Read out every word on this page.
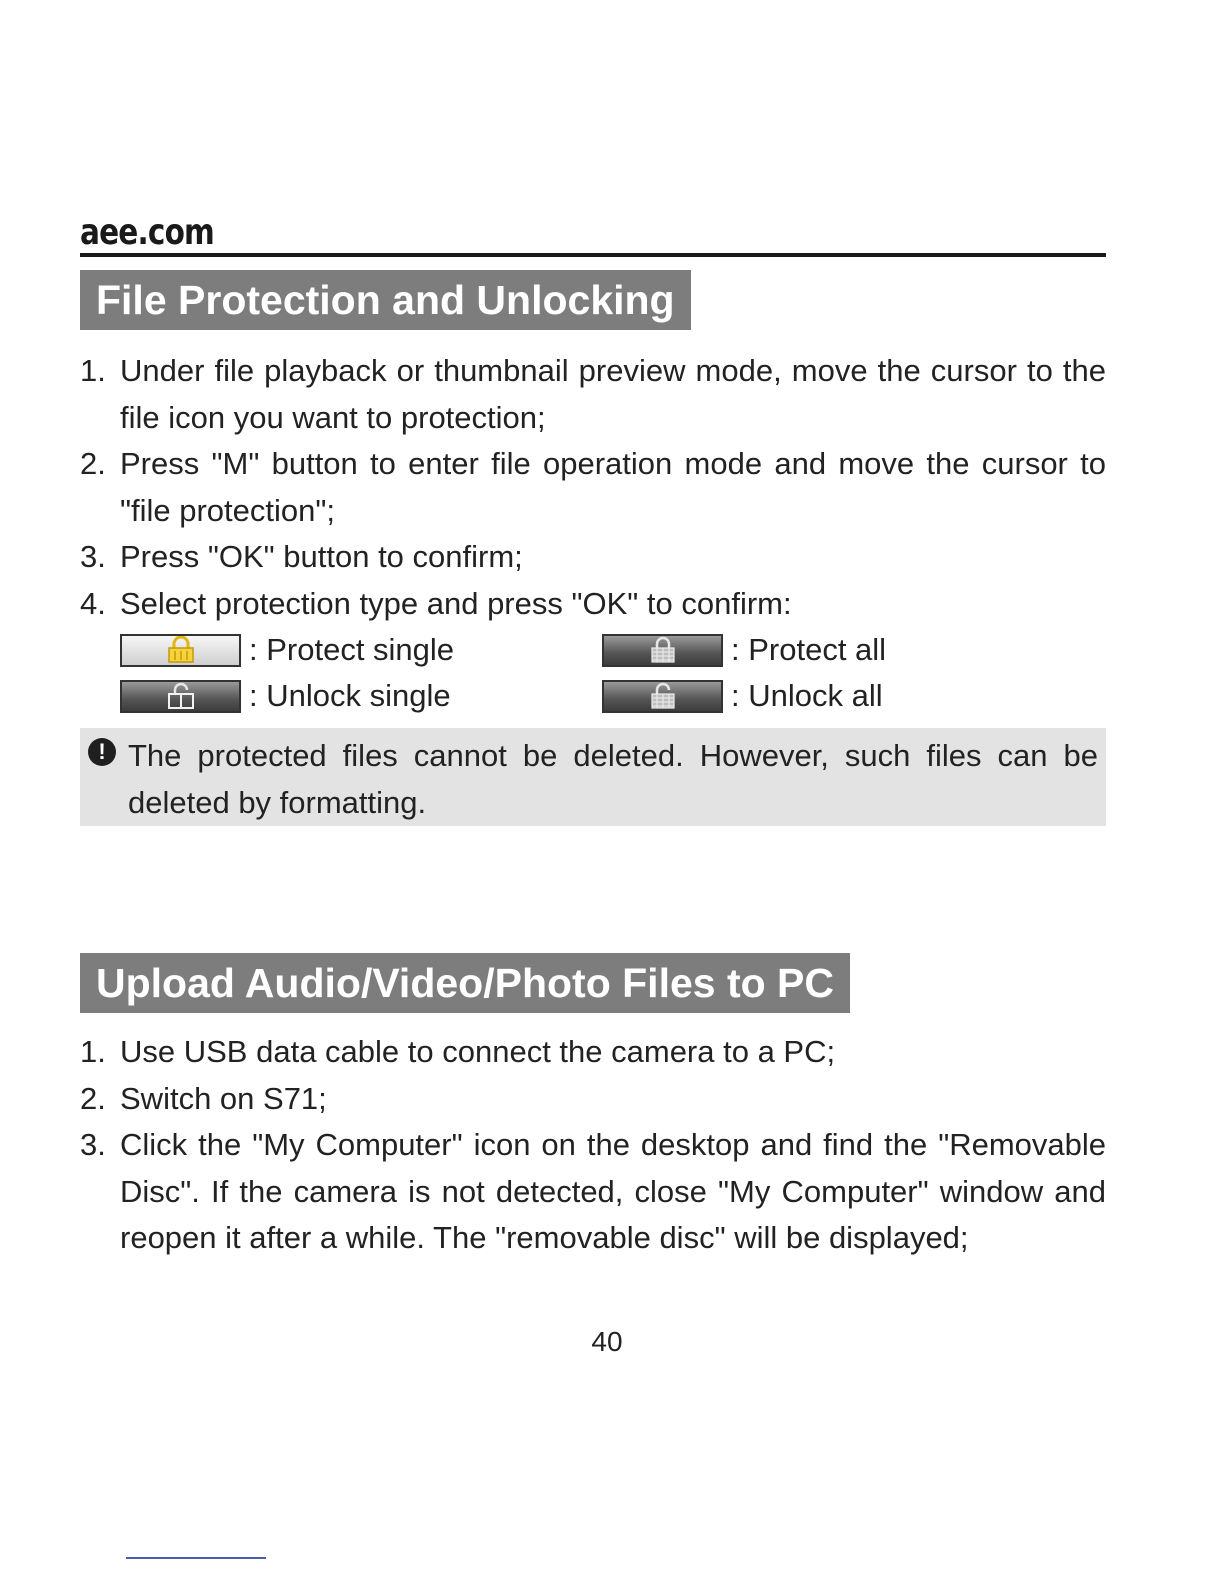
aee.com
File Protection and Unlocking
1. Under file playback or thumbnail preview mode, move the cursor to the file icon you want to protection;
2. Press "M" button to enter file operation mode and move the cursor to "file protection";
3. Press "OK" button to confirm;
4. Select protection type and press "OK" to confirm:
: Protect single	: Protect all
: Unlock single	: Unlock all
! The protected files cannot be deleted. However, such files can be deleted by formatting.
Upload Audio/Video/Photo Files to PC
1. Use USB data cable to connect the camera to a PC;
2. Switch on S71;
3. Click the "My Computer" icon on the desktop and find the "Removable Disc". If the camera is not detected, close "My Computer" window and reopen it after a while. The "removable disc" will be displayed;
40
